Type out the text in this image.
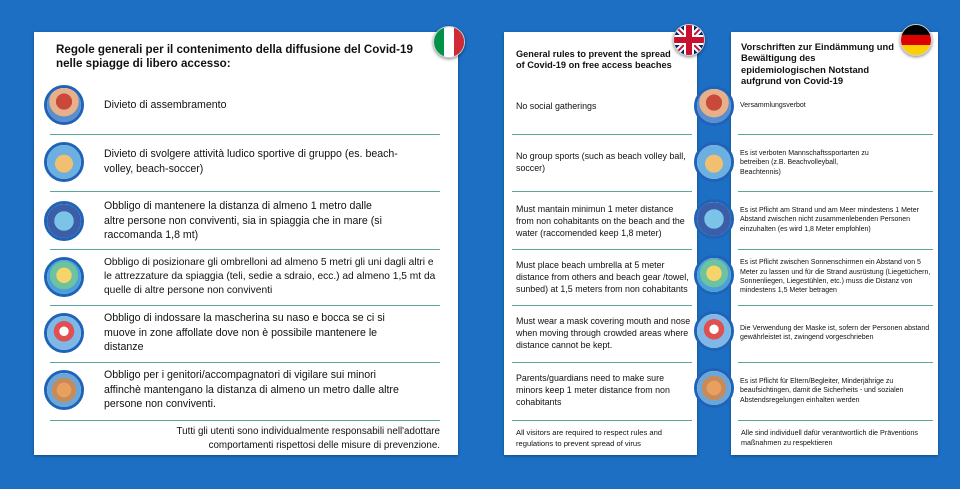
Regole generali per il contenimento della diffusione del Covid-19 nelle spiagge di libero accesso:
General rules to prevent the spread of Covid-19 on free access beaches
Vorschriften zur Eindämmung und Bewältigung des epidemiologischen Notstand aufgrund von Covid-19
Divieto di assembramento
Divieto di svolgere attività ludico sportive di gruppo (es. beach-volley, beach-soccer)
Obbligo di mantenere la distanza di almeno 1 metro dalle altre persone non conviventi, sia in spiaggia che in mare (si raccomanda 1,8 mt)
Obbligo di posizionare gli ombrelloni ad almeno 5 metri gli uni dagli altri e le attrezzature da spiaggia (teli, sedie a sdraio, ecc.) ad almeno 1,5 mt da quelle di altre persone non conviventi
Obbligo di indossare la mascherina su naso e bocca se ci si muove in zone affollate dove non è possibile mantenere le distanze
Obbligo per i genitori/accompagnatori di vigilare sui minori affinchè mantengano la distanza di almeno un metro dalle altre persone non conviventi.
Tutti gli utenti sono individualmente responsabili nell'adottare comportamenti rispettosi delle misure di prevenzione.
No social gatherings
No group sports (such as beach volley ball, soccer)
Must mantain minimun 1 meter distance from non cohabitants on the beach and the water (raccomended keep 1,8 meter)
Must place beach umbrella at 5 meter distance from others and beach gear /towel, sunbed) at 1,5 meters from non cohabitants
Must wear a mask covering mouth and nose when moving through crowded areas where distance cannot be kept.
Parents/guardians need to make sure minors keep 1 meter distance from non cohabitants
All visitors are required to respect rules and regulations to prevent spread of virus
Versammlungsverbot
Es ist verboten Mannschaftssportarten zu betreiben (z.B. Beachvolleyball, Beachtennis)
Es ist Pflicht am Strand und am Meer mindestens 1 Meter Abstand zwischen nicht zusammenlebenden Personen einzuhalten (es wird 1,8 Meter empfohlen)
Es ist Pflicht zwischen Sonnenschirmen ein Abstand von 5 Meter zu lassen und für die Strand ausrüstung (Liegetüchern, Sonnenliegen, Liegestühlen, etc.) muss die Distanz von mindestens 1,5 Meter betragen
Die Verwendung der Maske ist, sofern der Personen abstand gewährleistet ist, zwingend vorgeschrieben
Es ist Pflicht für Eltern/Begleiter, Minderjährige zu beaufsichtingen, damit die Sicherheits - und sozialen Abstendsregelungen einhalten werden
Alle sind individuell dafür verantwortlich die Präventions maßnahmen zu respektieren
